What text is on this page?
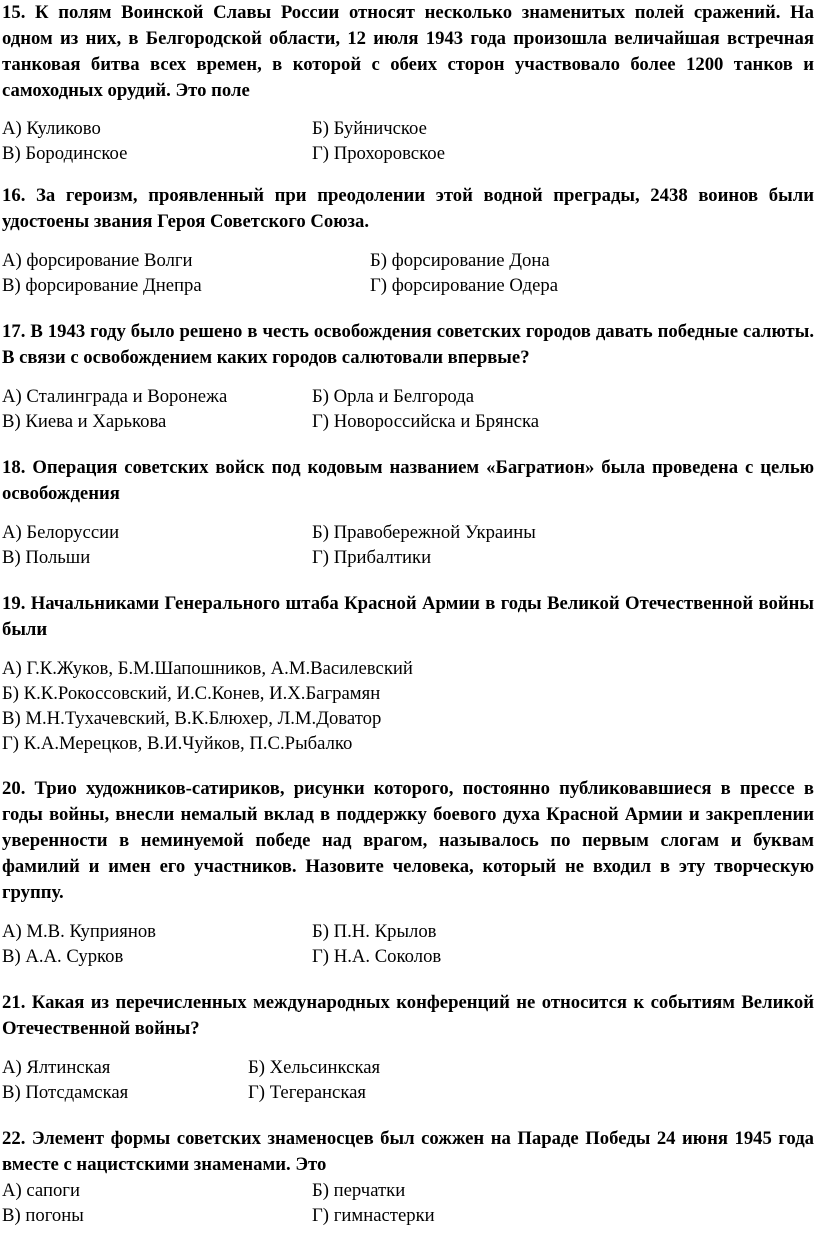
15. К полям Воинской Славы России относят несколько знаменитых полей сражений. На одном из них, в Белгородской области, 12 июля 1943 года произошла величайшая встречная танковая битва всех времен, в которой с обеих сторон участвовало более 1200 танков и самоходных орудий. Это поле

А) Куликово	Б) Буйничское
В) Бородинское	Г) Прохоровское

16. За героизм, проявленный при преодолении этой водной преграды, 2438 воинов были удостоены звания Героя Советского Союза.

А) форсирование Волги	Б) форсирование Дона
В) форсирование Днепра	Г) форсирование Одера

17. В 1943 году было решено в честь освобождения советских городов давать победные салюты. В связи с освобождением каких городов салютовали впервые?

А) Сталинграда и Воронежа	Б) Орла и Белгорода
В) Киева и Харькова	Г) Новороссийска и Брянска

18. Операция советских войск под кодовым названием «Багратион» была проведена с целью освобождения

А) Белоруссии	Б) Правобережной Украины
В) Польши	Г) Прибалтики

19. Начальниками Генерального штаба Красной Армии в годы Великой Отечественной войны были

А) Г.К.Жуков, Б.М.Шапошников, А.М.Василевский
Б) К.К.Рокоссовский, И.С.Конев, И.Х.Баграмян
В) М.Н.Тухачевский, В.К.Блюхер, Л.М.Доватор
Г) К.А.Мерецков, В.И.Чуйков, П.С.Рыбалко

20. Трио художников-сатириков, рисунки которого, постоянно публиковавшиеся в прессе в годы войны, внесли немалый вклад в поддержку боевого духа Красной Армии и закреплении уверенности в неминуемой победе над врагом, называлось по первым слогам и буквам фамилий и имен его участников. Назовите человека, который не входил в эту творческую группу.

А) М.В. Куприянов	Б) П.Н. Крылов
В) А.А. Сурков	Г) Н.А. Соколов

21. Какая из перечисленных международных конференций не относится к событиям Великой Отечественной войны?

А) Ялтинская	Б) Хельсинкская
В) Потсдамская	Г) Тегеранская

22. Элемент формы советских знаменосцев был сожжен на Параде Победы 24 июня 1945 года вместе с нацистскими знаменами. Это

А) сапоги	Б) перчатки
В) погоны	Г) гимнастерки
